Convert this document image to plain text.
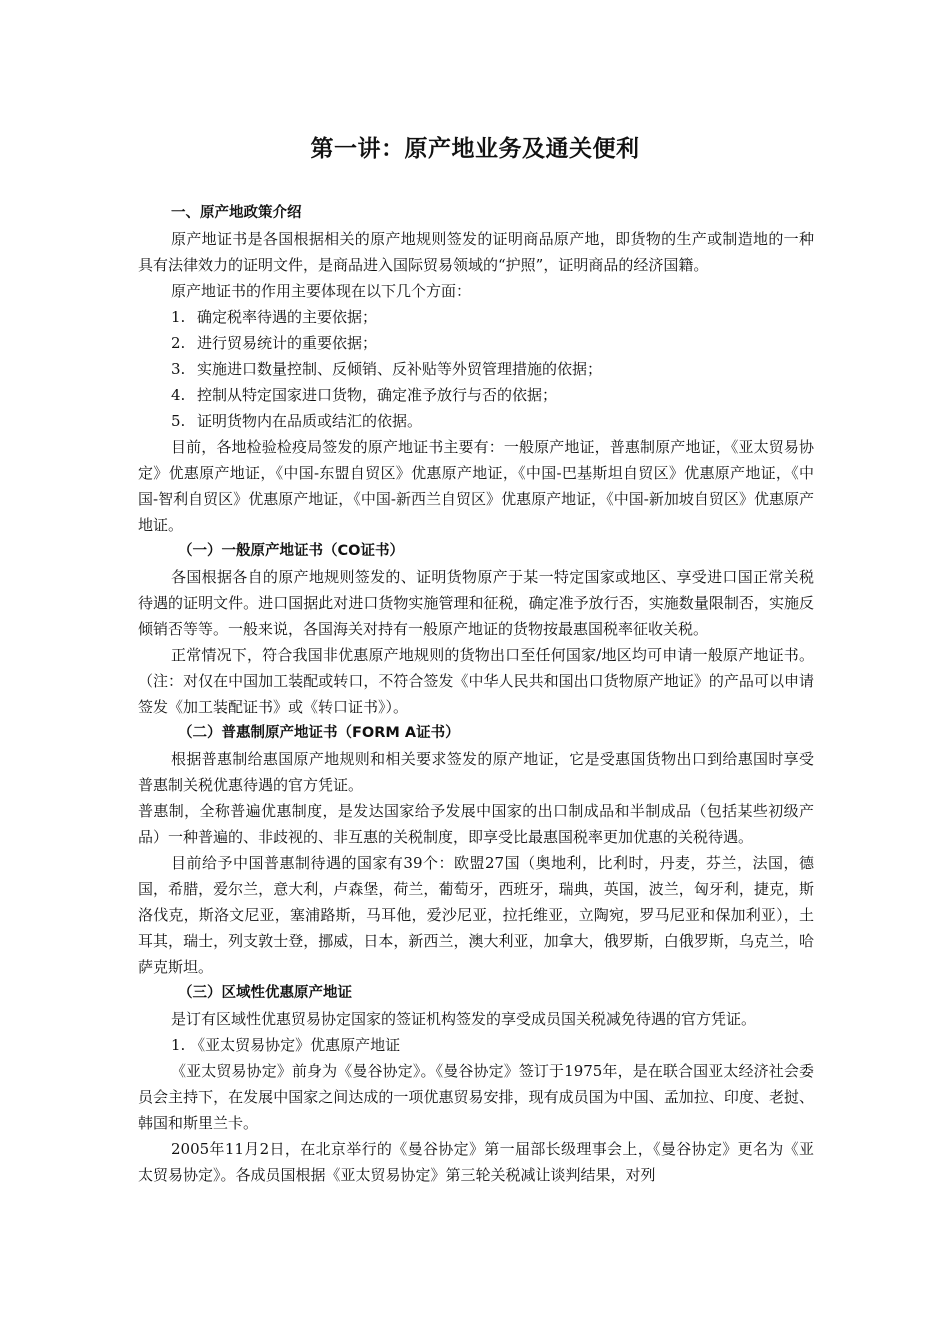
第一讲：原产地业务及通关便利

一、原产地政策介绍

原产地证书是各国根据相关的原产地规则签发的证明商品原产地，即货物的生产或制造地的一种具有法律效力的证明文件，是商品进入国际贸易领域的“护照”，证明商品的经济国籍。

原产地证书的作用主要体现在以下几个方面：

1. 确定税率待遇的主要依据；

2. 进行贸易统计的重要依据；

3. 实施进口数量控制、反倾销、反补贴等外贸管理措施的依据；

4. 控制从特定国家进口货物，确定准予放行与否的依据；

5. 证明货物内在品质或结汇的依据。

目前，各地检验检疫局签发的原产地证书主要有：一般原产地证，普惠制原产地证，《亚太贸易协定》优惠原产地证，《中国-东盟自贸区》优惠原产地证，《中国-巴基斯坦自贸区》优惠原产地证，《中国-智利自贸区》优惠原产地证，《中国-新西兰自贸区》优惠原产地证，《中国-新加坡自贸区》优惠原产地证。

（一）一般原产地证书（CO证书）

各国根据各自的原产地规则签发的、证明货物原产于某一特定国家或地区、享受进口国正常关税待遇的证明文件。进口国据此对进口货物实施管理和征税，确定准予放行否，实施数量限制否，实施反倾销否等等。一般来说，各国海关对持有一般原产地证的货物按最惠国税率征收关税。

正常情况下，符合我国非优惠原产地规则的货物出口至任何国家/地区均可申请一般原产地证书。（注：对仅在中国加工装配或转口，不符合签发《中华人民共和国出口货物原产地证》的产品可以申请签发《加工装配证书》或《转口证书》）。

（二）普惠制原产地证书（FORM A证书）

根据普惠制给惠国原产地规则和相关要求签发的原产地证，它是受惠国货物出口到给惠国时享受普惠制关税优惠待遇的官方凭证。

普惠制，全称普遍优惠制度，是发达国家给予发展中国家的出口制成品和半制成品（包括某些初级产品）一种普遍的、非歧视的、非互惠的关税制度，即享受比最惠国税率更加优惠的关税待遇。

目前给予中国普惠制待遇的国家有39个：欧盟27国（奥地利，比利时，丹麦，芬兰，法国，德国，希腊，爱尔兰，意大利，卢森堡，荷兰，葡萄牙，西班牙，瑞典，英国，波兰，匈牙利，捷克，斯洛伐克，斯洛文尼亚，塞浦路斯，马耳他，爱沙尼亚，拉托维亚，立陶宛，罗马尼亚和保加利亚），土耳其，瑞士，列支敦士登，挪威，日本，新西兰，澳大利亚，加拿大，俄罗斯，白俄罗斯，乌克兰，哈萨克斯坦。

（三）区域性优惠原产地证

是订有区域性优惠贸易协定国家的签证机构签发的享受成员国关税减免待遇的官方凭证。

1. 《亚太贸易协定》优惠原产地证

《亚太贸易协定》前身为《曼谷协定》。《曼谷协定》签订于1975年，是在联合国亚太经济社会委员会主持下，在发展中国家之间达成的一项优惠贸易安排，现有成员国为中国、孟加拉、印度、老挝、韩国和斯里兰卡。

2005年11月2日，在北京举行的《曼谷协定》第一届部长级理事会上，《曼谷协定》更名为《亚太贸易协定》。各成员国根据《亚太贸易协定》第三轮关税减让谈判结果，对列
